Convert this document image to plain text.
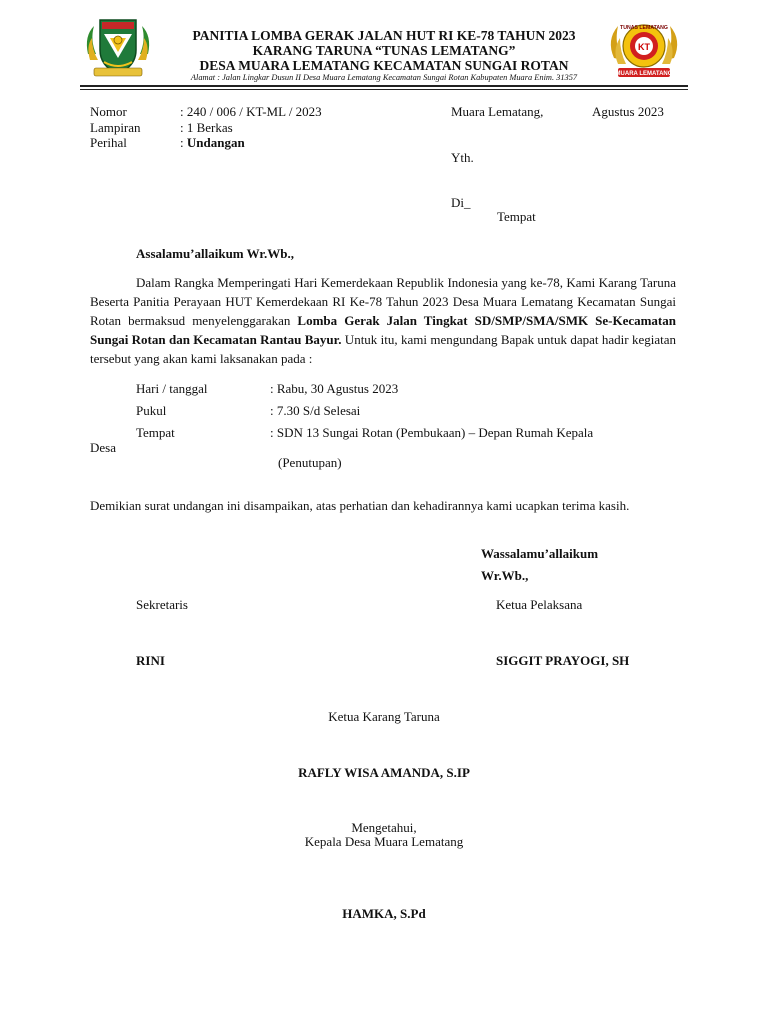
PANITIA LOMBA GERAK JALAN HUT RI KE-78 TAHUN 2023
KARANG TARUNA “TUNAS LEMATANG”
DESA MUARA LEMATANG KECAMATAN SUNGAI ROTAN
Alamat : Jalan Lingkar Dusun II Desa Muara Lematang Kecamatan Sungai Rotan Kabupaten Muara Enim. 31357
KT
TUNAS LEMATANG
MUARA LEMATANG
Nomor	: 240 / 006 / KT-ML / 2023
Lampiran	: 1 Berkas
Perihal	: Undangan
Muara Lematang,	Agustus 2023
Yth.
Di_
Tempat
Assalamu’allaikum Wr.Wb.,
Dalam Rangka Memperingati Hari Kemerdekaan Republik Indonesia yang ke-78, Kami Karang Taruna Beserta Panitia Perayaan HUT Kemerdekaan RI Ke-78 Tahun 2023 Desa Muara Lematang Kecamatan Sungai Rotan bermaksud menyelenggarakan Lomba Gerak Jalan Tingkat SD/SMP/SMA/SMK Se-Kecamatan Sungai Rotan dan Kecamatan Rantau Bayur. Untuk itu, kami mengundang Bapak untuk dapat hadir kegiatan tersebut yang akan kami laksanakan pada :
Hari / tanggal	: Rabu, 30 Agustus 2023
Pukul	: 7.30 S/d Selesai
Tempat	: SDN 13 Sungai Rotan (Pembukaan) – Depan Rumah Kepala
Desa
(Penutupan)
Demikian surat undangan ini disampaikan, atas perhatian dan kehadirannya kami ucapkan terima kasih.
Wassalamu’allaikum
Wr.Wb.,
Sekretaris	Ketua Pelaksana
RINI	SIGGIT PRAYOGI, SH
Ketua Karang Taruna
RAFLY WISA AMANDA, S.IP
Mengetahui,
Kepala Desa Muara Lematang
HAMKA, S.Pd
